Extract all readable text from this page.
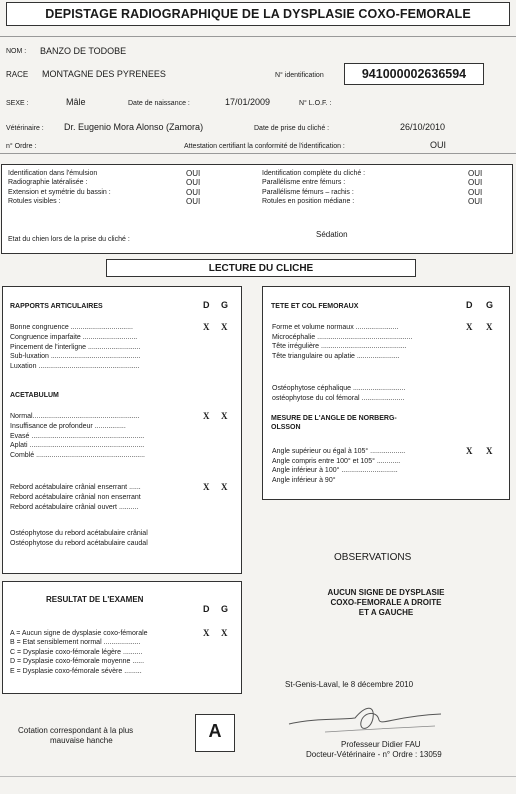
DEPISTAGE RADIOGRAPHIQUE DE LA DYSPLASIE COXO-FEMORALE
NOM : BANZO DE TODOBE
RACE MONTAGNE DES PYRENEES	N° identification	941000002636594
SEXE :	Mâle	Date de naissance :	17/01/2009	N° L.O.F. :
Vétérinaire : Dr. Eugenio Mora Alonso (Zamora)	Date de prise du cliché :	26/10/2010
n° Ordre :	Attestation certifiant la conformité de l'identification :	OUI
Etat du chien lors de la prise du cliché :
Sédation
LECTURE DU CLICHE
RAPPORTS ARTICULAIRES	D G
ACETABULUM
TETE ET COL FEMORAUX	D G
MESURE DE L'ANGLE DE NORBERG-
OLSSON
RESULTAT DE L'EXAMEN
D G
Cotation correspondant à la plus
mauvaise hanche	A
OBSERVATIONS
AUCUN SIGNE DE DYSPLASIE
COXO-FEMORALE A DROITE
ET A GAUCHE
St-Genis-Laval, le 8 décembre 2010
Professeur Didier FAU
Docteur-Vétérinaire - n° Ordre : 13059
Identification dans l'émulsion	OUI
Radiographie latéralisée :	OUI
Extension et symétrie du bassin :	OUI
Rotules visibles :	OUI
Identification complète du cliché :	OUI
Parallélisme entre fémurs :	OUI
Parallélisme fémurs – rachis :	OUI
Rotules en position médiane :	OUI
Bonne congruence ................................	X X
Congruence imparfaite ............................
Pincement de l'interligne ...........................
Sub-luxation ..............................................
Luxation ....................................................
Normal.......................................................	X X
Insuffisance de profondeur ................
Evasé ..........................................................
Aplati ...........................................................
Comblé ........................................................
Rebord acétabulaire crânial enserrant ......	X X
Rebord acétabulaire crânial non enserrant
Rebord acétabulaire crânial ouvert ..........
Ostéophytose du rebord acétabulaire crânial
Ostéophytose du rebord acétabulaire caudal
Forme et volume normaux ......................	X X
Microcéphalie .................................................
Tête irrégulière ............................................
Tête triangulaire ou aplatie ......................
Ostéophytose céphalique ...........................
ostéophytose du col fémoral ......................
Angle supérieur ou égal à 105° ..................	X X
Angle compris entre 100° et 105° ............
Angle inférieur à 100° .............................
Angle inférieur à 90°
A = Aucun signe de dysplasie coxo-fémorale	X X
B = Etat sensiblement normal ...................
C = Dysplasie coxo-fémorale légère ..........
D = Dysplasie coxo-fémorale moyenne ......
E = Dysplasie coxo-fémorale sévère .........
